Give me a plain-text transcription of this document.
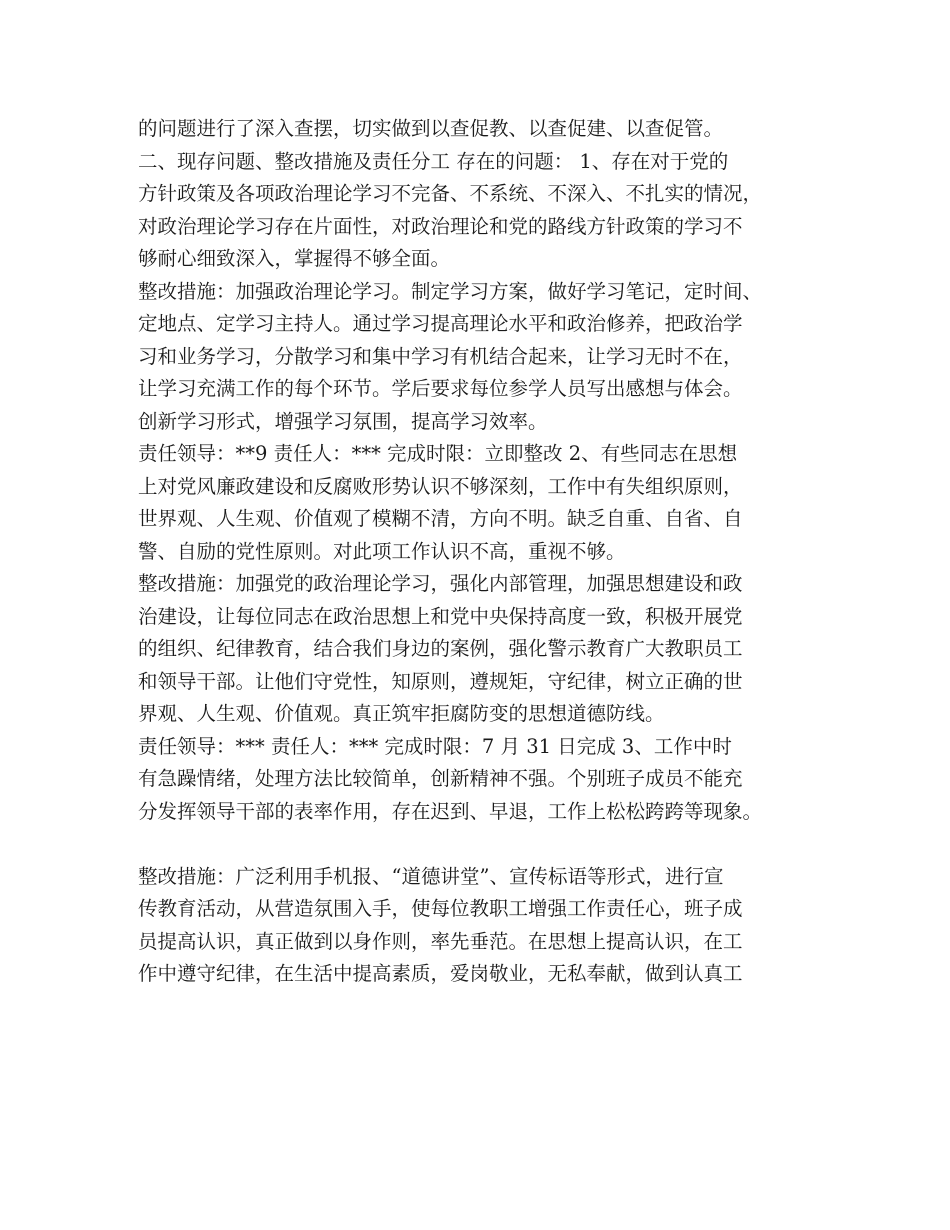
的问题进行了深入查摆，切实做到以查促教、以查促建、以查促管。
二、现存问题、整改措施及责任分工 存在的问题： 1、存在对于党的
方针政策及各项政治理论学习不完备、不系统、不深入、不扎实的情况，
对政治理论学习存在片面性，对政治理论和党的路线方针政策的学习不
够耐心细致深入，掌握得不够全面。
整改措施：加强政治理论学习。制定学习方案，做好学习笔记，定时间、
定地点、定学习主持人。通过学习提高理论水平和政治修养，把政治学
习和业务学习，分散学习和集中学习有机结合起来，让学习无时不在，
让学习充满工作的每个环节。学后要求每位参学人员写出感想与体会。
创新学习形式，增强学习氛围，提高学习效率。
责任领导：**9 责任人：*** 完成时限：立即整改 2、有些同志在思想
上对党风廉政建设和反腐败形势认识不够深刻，工作中有失组织原则，
世界观、人生观、价值观了模糊不清，方向不明。缺乏自重、自省、自
警、自励的党性原则。对此项工作认识不高，重视不够。
整改措施：加强党的政治理论学习，强化内部管理，加强思想建设和政
治建设，让每位同志在政治思想上和党中央保持高度一致，积极开展党
的组织、纪律教育，结合我们身边的案例，强化警示教育广大教职员工
和领导干部。让他们守党性，知原则，遵规矩，守纪律，树立正确的世
界观、人生观、价值观。真正筑牢拒腐防变的思想道德防线。
责任领导：*** 责任人：*** 完成时限：7 月 31 日完成 3、工作中时
有急躁情绪，处理方法比较简单，创新精神不强。个别班子成员不能充
分发挥领导干部的表率作用，存在迟到、早退，工作上松松跨跨等现象。
整改措施：广泛利用手机报、“道德讲堂”、宣传标语等形式，进行宣
传教育活动，从营造氛围入手，使每位教职工增强工作责任心，班子成
员提高认识，真正做到以身作则，率先垂范。在思想上提高认识，在工
作中遵守纪律，在生活中提高素质，爱岗敬业，无私奉献，做到认真工
